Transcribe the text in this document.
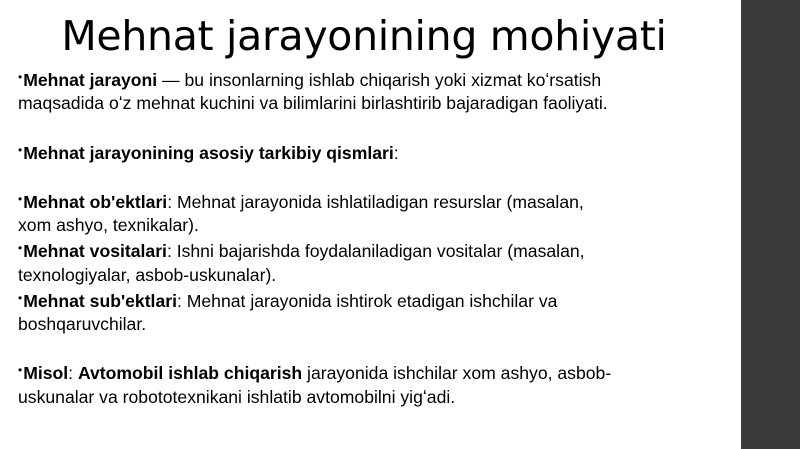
Mehnat jarayonining mohiyati

•Mehnat jarayoni — bu insonlarning ishlab chiqarish yoki xizmat koʻrsatish maqsadida oʻz mehnat kuchini va bilimlarini birlashtirib bajaradigan faoliyati.

•Mehnat jarayonining asosiy tarkibiy qismlari:

•Mehnat ob'ektlari: Mehnat jarayonida ishlatiladigan resurslar (masalan, xom ashyo, texnikalar).

•Mehnat vositalari: Ishni bajarishda foydalaniladigan vositalar (masalan, texnologiyalar, asbob-uskunalar).

•Mehnat sub'ektlari: Mehnat jarayonida ishtirok etadigan ishchilar va boshqaruvchilar.

•Misol: Avtomobil ishlab chiqarish jarayonida ishchilar xom ashyo, asbob-uskunalar va robototexnikani ishlatib avtomobilni yigʻadi.
